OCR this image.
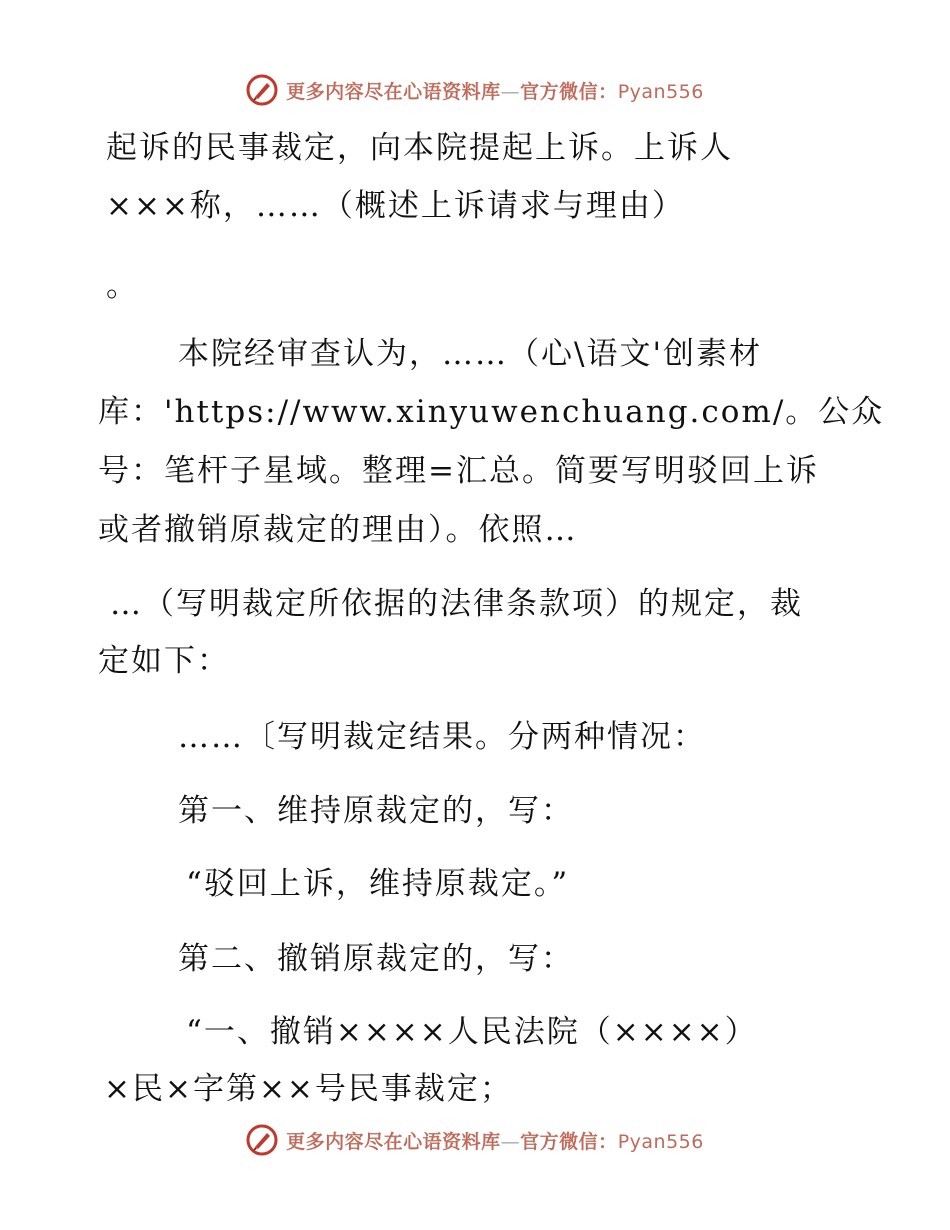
更多内容尽在心语资料库—官方微信：Pyan556
起诉的民事裁定，向本院提起上诉。上诉人
×××称，……（概述上诉请求与理由）
。
本院经审查认为，……（心\语文'创素材
库：'https://www.xinyuwenchuang.com/。公众
号：笔杆子星域。整理=汇总。简要写明驳回上诉
或者撤销原裁定的理由）。依照…
…（写明裁定所依据的法律条款项）的规定，裁
定如下：
……〔写明裁定结果。分两种情况：
第一、维持原裁定的，写：
“驳回上诉，维持原裁定。”
第二、撤销原裁定的，写：
“一、撤销××××人民法院（××××）
×民×字第××号民事裁定；
更多内容尽在心语资料库—官方微信：Pyan556
